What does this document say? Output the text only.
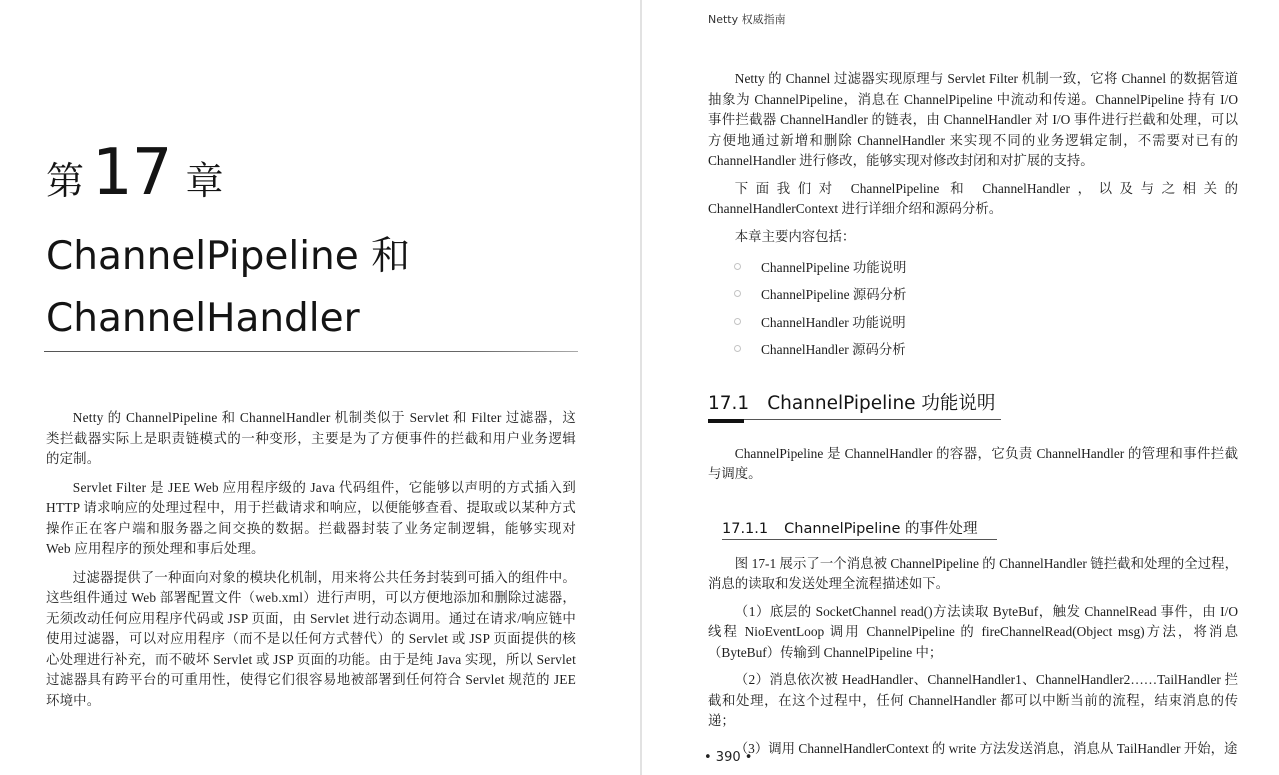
第 17 章
ChannelPipeline 和
ChannelHandler

Netty 的 ChannelPipeline 和 ChannelHandler 机制类似于 Servlet 和 Filter 过滤器，这类拦截器实际上是职责链模式的一种变形，主要是为了方便事件的拦截和用户业务逻辑的定制。

Servlet Filter 是 JEE Web 应用程序级的 Java 代码组件，它能够以声明的方式插入到 HTTP 请求响应的处理过程中，用于拦截请求和响应，以便能够查看、提取或以某种方式操作正在客户端和服务器之间交换的数据。拦截器封装了业务定制逻辑，能够实现对 Web 应用程序的预处理和事后处理。

过滤器提供了一种面向对象的模块化机制，用来将公共任务封装到可插入的组件中。这些组件通过 Web 部署配置文件（web.xml）进行声明，可以方便地添加和删除过滤器，无须改动任何应用程序代码或 JSP 页面，由 Servlet 进行动态调用。通过在请求/响应链中使用过滤器，可以对应用程序（而不是以任何方式替代）的 Servlet 或 JSP 页面提供的核心处理进行补充，而不破坏 Servlet 或 JSP 页面的功能。由于是纯 Java 实现，所以 Servlet 过滤器具有跨平台的可重用性，使得它们很容易地被部署到任何符合 Servlet 规范的 JEE 环境中。

Netty 权威指南

Netty 的 Channel 过滤器实现原理与 Servlet Filter 机制一致，它将 Channel 的数据管道抽象为 ChannelPipeline，消息在 ChannelPipeline 中流动和传递。ChannelPipeline 持有 I/O 事件拦截器 ChannelHandler 的链表，由 ChannelHandler 对 I/O 事件进行拦截和处理，可以方便地通过新增和删除 ChannelHandler 来实现不同的业务逻辑定制，不需要对已有的 ChannelHandler 进行修改，能够实现对修改封闭和对扩展的支持。

下面我们对 ChannelPipeline 和 ChannelHandler，以及与之相关的 ChannelHandlerContext 进行详细介绍和源码分析。

本章主要内容包括：

ChannelPipeline 功能说明
ChannelPipeline 源码分析
ChannelHandler 功能说明
ChannelHandler 源码分析
17.1 ChannelPipeline 功能说明

ChannelPipeline 是 ChannelHandler 的容器，它负责 ChannelHandler 的管理和事件拦截与调度。

17.1.1 ChannelPipeline 的事件处理

图 17-1 展示了一个消息被 ChannelPipeline 的 ChannelHandler 链拦截和处理的全过程，消息的读取和发送处理全流程描述如下。

（1）底层的 SocketChannel read()方法读取 ByteBuf，触发 ChannelRead 事件，由 I/O 线程 NioEventLoop 调用 ChannelPipeline 的 fireChannelRead(Object msg)方法，将消息（ByteBuf）传输到 ChannelPipeline 中；

（2）消息依次被 HeadHandler、ChannelHandler1、ChannelHandler2……TailHandler 拦截和处理，在这个过程中，任何 ChannelHandler 都可以中断当前的流程，结束消息的传递；

（3）调用 ChannelHandlerContext 的 write 方法发送消息，消息从 TailHandler 开始，途

• 390 •
